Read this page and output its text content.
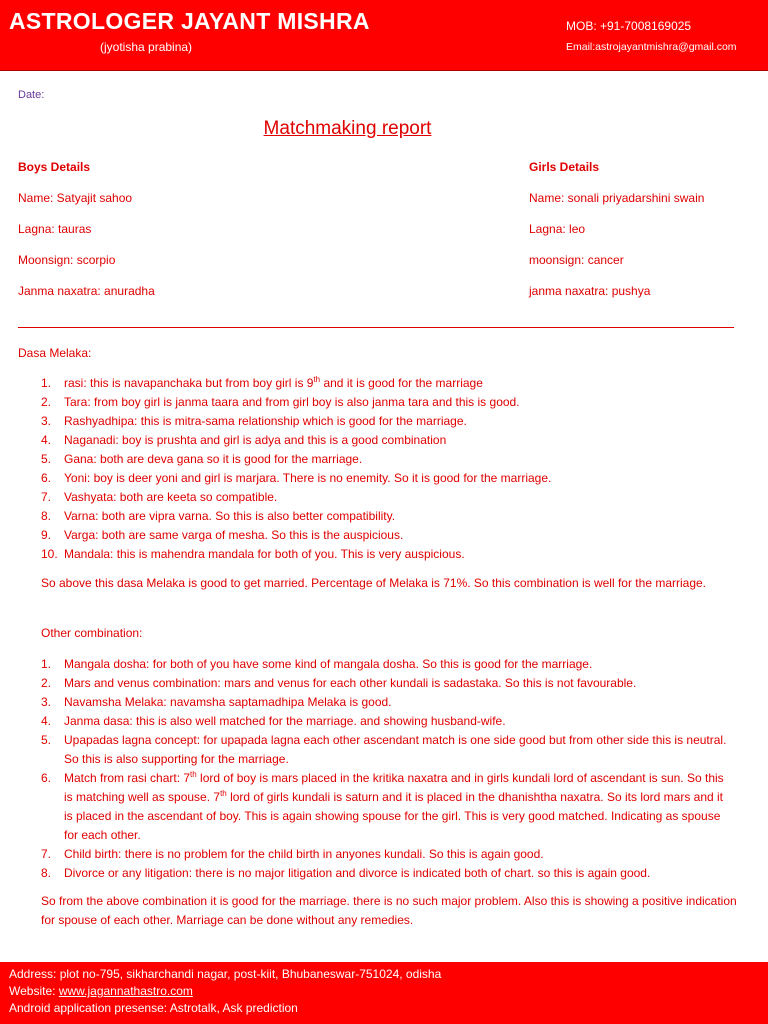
ASTROLOGER JAYANT MISHRA
(jyotisha prabina)
MOB: +91-7008169025
Email:astrojayantmishra@gmail.com
Date:
Matchmaking report
Boys Details
Name: Satyajit sahoo
Lagna: tauras
Moonsign: scorpio
Janma naxatra: anuradha
Girls Details
Name: sonali priyadarshini swain
Lagna: leo
moonsign: cancer
janma naxatra: pushya
Dasa Melaka:
1. rasi: this is navapanchaka but from boy girl is 9th and it is good for the marriage
2. Tara: from boy girl is janma taara and from girl boy is also janma tara and this is good.
3. Rashyadhipa: this is mitra-sama relationship which is good for the marriage.
4. Naganadi: boy is prushta and girl is adya and this is a good combination
5. Gana: both are deva gana so it is good for the marriage.
6. Yoni: boy is deer yoni and girl is marjara. There is no enemity. So it is good for the marriage.
7. Vashyata: both are keeta so compatible.
8. Varna: both are vipra varna. So this is also better compatibility.
9. Varga: both are same varga of mesha. So this is the auspicious.
10. Mandala: this is mahendra mandala for both of you. This is very auspicious.
So above this dasa Melaka is good to get married. Percentage of Melaka is 71%. So this combination is well for the marriage.
Other combination:
1. Mangala dosha: for both of you have some kind of mangala dosha. So this is good for the marriage.
2. Mars and venus combination: mars and venus for each other kundali is sadastaka. So this is not favourable.
3. Navamsha Melaka: navamsha saptamadhipa Melaka is good.
4. Janma dasa: this is also well matched for the marriage. and showing husband-wife.
5. Upapadas lagna concept: for upapada lagna each other ascendant match is one side good but from other side this is neutral. So this is also supporting for the marriage.
6. Match from rasi chart: 7th lord of boy is mars placed in the kritika naxatra and in girls kundali lord of ascendant is sun. So this is matching well as spouse. 7th lord of girls kundali is saturn and it is placed in the dhanishtha naxatra. So its lord mars and it is placed in the ascendant of boy. This is again showing spouse for the girl. This is very good matched. Indicating as spouse for each other.
7. Child birth: there is no problem for the child birth in anyones kundali. So this is again good.
8. Divorce or any litigation: there is no major litigation and divorce is indicated both of chart. so this is again good.
So from the above combination it is good for the marriage. there is no such major problem. Also this is showing a positive indication for spouse of each other. Marriage can be done without any remedies.
Address: plot no-795, sikharchandi nagar, post-kiit, Bhubaneswar-751024, odisha
Website: www.jagannathastro.com
Android application presense: Astrotalk, Ask prediction
